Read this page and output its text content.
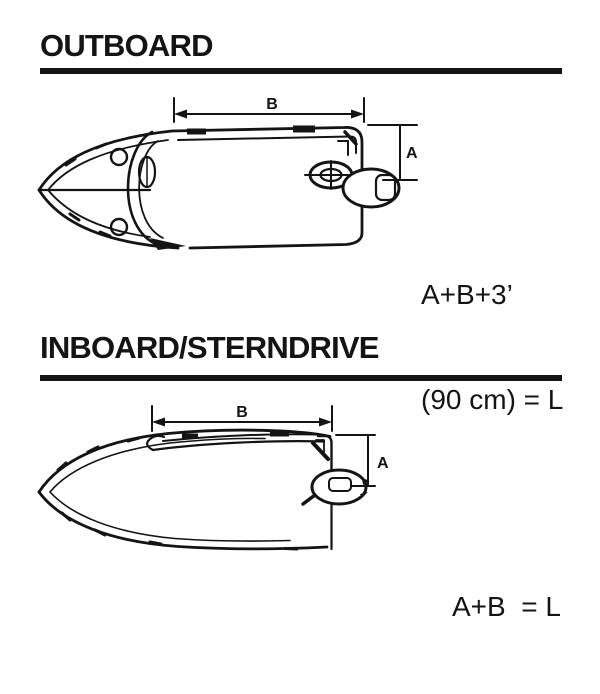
OUTBOARD
B
A

A+B+3’

(90 cm) = L

INBOARD/STERNDRIVE
B
A

A+B  = L
